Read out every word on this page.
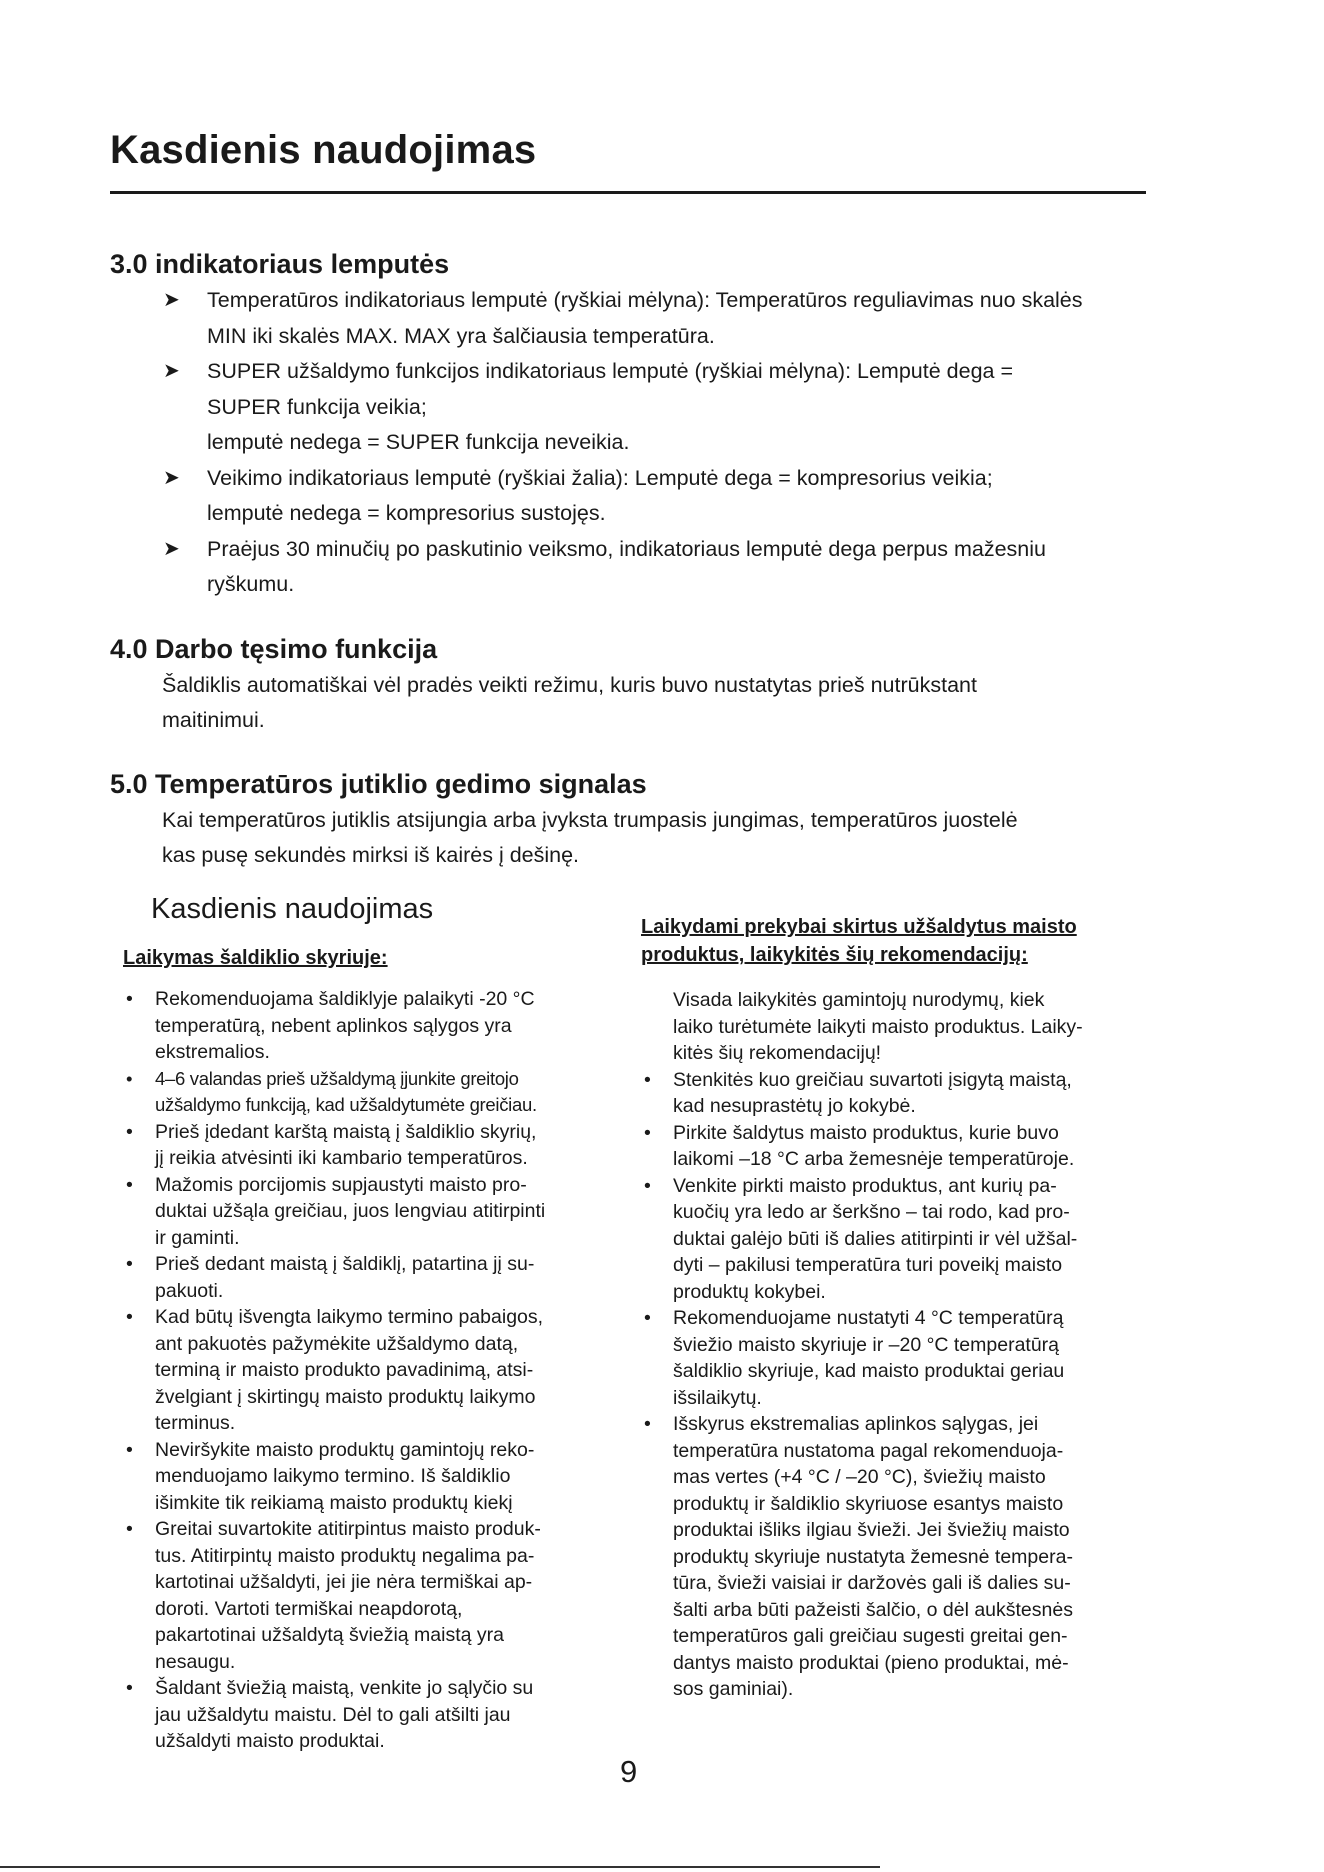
Kasdienis naudojimas
3.0 indikatoriaus lemputės
➤ Temperatūros indikatoriaus lemputė (ryškiai mėlyna): Temperatūros reguliavimas nuo skalės
MIN iki skalės MAX. MAX yra šalčiausia temperatūra.
➤ SUPER užšaldymo funkcijos indikatoriaus lemputė (ryškiai mėlyna): Lemputė dega =
SUPER funkcija veikia;
lemputė nedega = SUPER funkcija neveikia.
➤ Veikimo indikatoriaus lemputė (ryškiai žalia): Lemputė dega = kompresorius veikia;
lemputė nedega = kompresorius sustojęs.
➤ Praėjus 30 minučių po paskutinio veiksmo, indikatoriaus lemputė dega perpus mažesniu
ryškumu.
4.0 Darbo tęsimo funkcija
Šaldiklis automatiškai vėl pradės veikti režimu, kuris buvo nustatytas prieš nutrūkstant
maitinimui.
5.0 Temperatūros jutiklio gedimo signalas
Kai temperatūros jutiklis atsijungia arba įvyksta trumpasis jungimas, temperatūros juostelė
kas pusę sekundės mirksi iš kairės į dešinę.
Kasdienis naudojimas
Laikymas šaldiklio skyriuje:
• Rekomenduojama šaldiklyje palaikyti -20 °C
temperatūrą, nebent aplinkos sąlygos yra
ekstremalios.
• 4–6 valandas prieš užšaldymą įjunkite greitojo
užšaldymo funkciją, kad užšaldytumėte greičiau.
• Prieš įdedant karštą maistą į šaldiklio skyrių,
jį reikia atvėsinti iki kambario temperatūros.
• Mažomis porcijomis supjaustyti maisto pro-
duktai užšąla greičiau, juos lengviau atitirpinti
ir gaminti.
• Prieš dedant maistą į šaldiklį, patartina jį su-
pakuoti.
• Kad būtų išvengta laikymo termino pabaigos,
ant pakuotės pažymėkite užšaldymo datą,
terminą ir maisto produkto pavadinimą, atsi-
žvelgiant į skirtingų maisto produktų laikymo
terminus.
• Neviršykite maisto produktų gamintojų reko-
menduojamo laikymo termino. Iš šaldiklio
išimkite tik reikiamą maisto produktų kiekį
• Greitai suvartokite atitirpintus maisto produk-
tus. Atitirpintų maisto produktų negalima pa-
kartotinai užšaldyti, jei jie nėra termiškai ap-
doroti. Vartoti termiškai neapdorotą,
pakartotinai užšaldytą šviežią maistą yra
nesaugu.
• Šaldant šviežią maistą, venkite jo sąlyčio su
jau užšaldytu maistu. Dėl to gali atšilti jau
užšaldyti maisto produktai.
Laikydami prekybai skirtus užšaldytus maisto
produktus, laikykitės šių rekomendacijų:
Visada laikykitės gamintojų nurodymų, kiek
laiko turėtumėte laikyti maisto produktus. Laiky-
kitės šių rekomendacijų!
• Stenkitės kuo greičiau suvartoti įsigytą maistą,
kad nesuprastėtų jo kokybė.
• Pirkite šaldytus maisto produktus, kurie buvo
laikomi –18 °C arba žemesnėje temperatūroje.
• Venkite pirkti maisto produktus, ant kurių pa-
kuočių yra ledo ar šerkšno – tai rodo, kad pro-
duktai galėjo būti iš dalies atitirpinti ir vėl užšal-
dyti – pakilusi temperatūra turi poveikį maisto
produktų kokybei.
• Rekomenduojame nustatyti 4 °C temperatūrą
šviežio maisto skyriuje ir –20 °C temperatūrą
šaldiklio skyriuje, kad maisto produktai geriau
išsilaikytų.
• Išskyrus ekstremalias aplinkos sąlygas, jei
temperatūra nustatoma pagal rekomenduoja-
mas vertes (+4 °C / –20 °C), šviežių maisto
produktų ir šaldiklio skyriuose esantys maisto
produktai išliks ilgiau švieži. Jei šviežių maisto
produktų skyriuje nustatyta žemesnė tempera-
tūra, švieži vaisiai ir daržovės gali iš dalies su-
šalti arba būti pažeisti šalčio, o dėl aukštesnės
temperatūros gali greičiau sugesti greitai gen-
dantys maisto produktai (pieno produktai, mė-
sos gaminiai).
9
